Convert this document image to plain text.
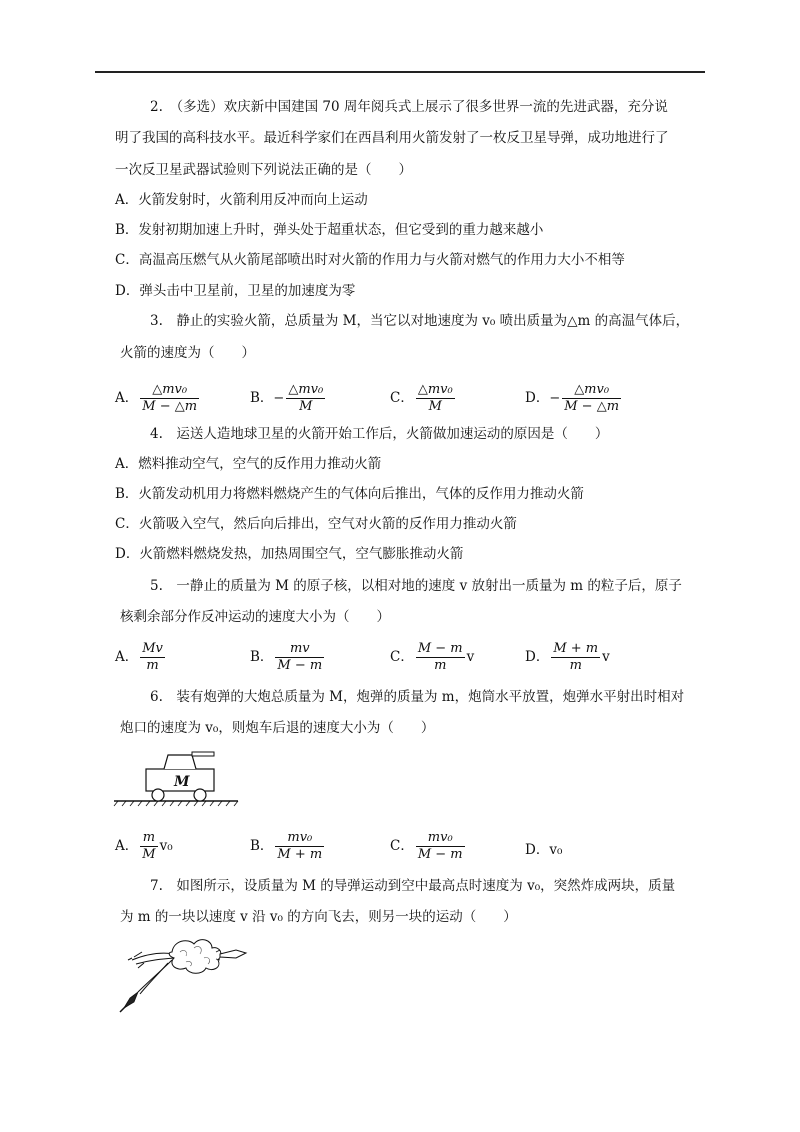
2.　（多选）欢庆新中国建国 70 周年阅兵式上展示了很多世界一流的先进武器，充分说
明了我国的高科技水平。最近科学家们在西昌利用火箭发射了一枚反卫星导弹，成功地进行了
一次反卫星武器试验则下列说法正确的是（　　）
A．火箭发射时，火箭利用反冲而向上运动
B．发射初期加速上升时，弹头处于超重状态，但它受到的重力越来越小
C．高温高压燃气从火箭尾部喷出时对火箭的作用力与火箭对燃气的作用力大小不相等
D．弹头击中卫星前，卫星的加速度为零
3.　静止的实验火箭，总质量为 M，当它以对地速度为 v₀ 喷出质量为△m 的高温气体后，
火箭的速度为（　　）
A． $\frac{\text{△mv₀}}{M - \triangle m}$	B．− $\frac{\text{△mv₀}}{M}$	C． $\frac{\text{△mv₀}}{M}$	D．− $\frac{\text{△mv₀}}{M - \triangle m}$
4.　运送人造地球卫星的火箭开始工作后，火箭做加速运动的原因是（　　）
A．燃料推动空气，空气的反作用力推动火箭
B．火箭发动机用力将燃料燃烧产生的气体向后推出，气体的反作用力推动火箭
C．火箭吸入空气，然后向后排出，空气对火箭的反作用力推动火箭
D．火箭燃料燃烧发热，加热周围空气，空气膨胀推动火箭
5.　一静止的质量为 M 的原子核，以相对地的速度 v 放射出一质量为 m 的粒子后，原子
核剩余部分作反冲运动的速度大小为（　　）
A． $\frac{Mv}{m}$	B． $\frac{mv}{M - m}$	C． $\frac{M - m}{m}$ v	D． $\frac{M + m}{m}$ v
6.　装有炮弹的大炮总质量为 M，炮弹的质量为 m，炮筒水平放置，炮弹水平射出时相对
炮口的速度为 v₀，则炮车后退的速度大小为（　　）
M
A． $\frac{m}{M} v_0$	B． $\frac{\text{mv₀}}{M + m}$	C． $\frac{\text{mv₀}}{M - m}$	D．v₀
7.　如图所示，设质量为 M 的导弹运动到空中最高点时速度为 v₀，突然炸成两块，质量
为 m 的一块以速度 v 沿 v₀ 的方向飞去，则另一块的运动（　　）
